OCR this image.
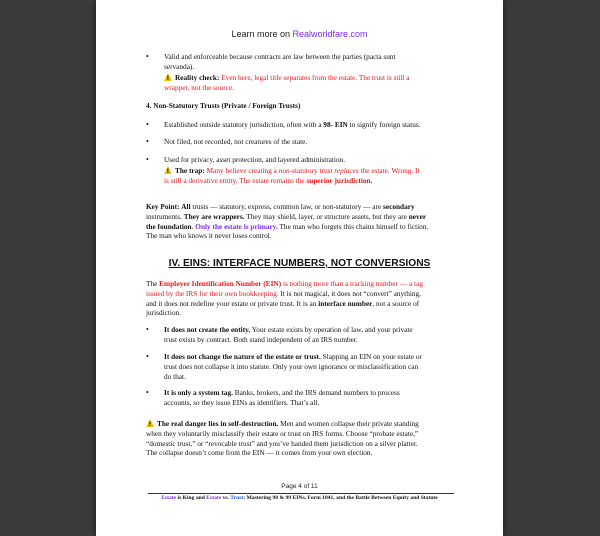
Learn more on Realworldfare.com
• Valid and enforceable because contracts are law between the parties (pacta sunt
servanda).
!Reality check: Even here, legal title separates from the estate. The trust is still a
wrapper, not the source.
4. Non-Statutory Trusts (Private / Foreign Trusts)
• Established outside statutory jurisdiction, often with a 98- EIN to signify foreign status.
• Not filed, not recorded, not creatures of the state.
• Used for privacy, asset protection, and layered administration.
!The trap: Many believe creating a non-statutory trust replaces the estate. Wrong. It
is still a derivative entity. The estate remains the superior jurisdiction.
Key Point: All trusts — statutory, express, common law, or non-statutory — are secondary
instruments. They are wrappers. They may shield, layer, or structure assets, but they are never
the foundation. Only the estate is primary. The man who forgets this chains himself to fiction.
The man who knows it never loses control.
IV. EINS: INTERFACE NUMBERS, NOT CONVERSIONS
The Employer Identification Number (EIN) is nothing more than a tracking number — a tag
issued by the IRS for their own bookkeeping. It is not magical, it does not “convert” anything,
and it does not redefine your estate or private trust. It is an interface number, not a source of
jurisdiction.
• It does not create the entity. Your estate exists by operation of law, and your private
trust exists by contract. Both stand independent of an IRS number.
• It does not change the nature of the estate or trust. Slapping an EIN on your estate or
trust does not collapse it into statute. Only your own ignorance or misclassification can
do that.
• It is only a system tag. Banks, brokers, and the IRS demand numbers to process
accounts, so they issue EINs as identifiers. That’s all.
!The real danger lies in self-destruction. Men and women collapse their private standing
when they voluntarily misclassify their estate or trust on IRS forms. Choose “probate estate,”
“domestic trust,” or “revocable trust” and you’ve handed them jurisdiction on a silver platter.
The collapse doesn’t come from the EIN — it comes from your own election.
Page 4 of 11
Estate is King and Estate vs. Trust: Mastering 98 & 99 EINs, Form 1041, and the Battle Between Equity and Statute
